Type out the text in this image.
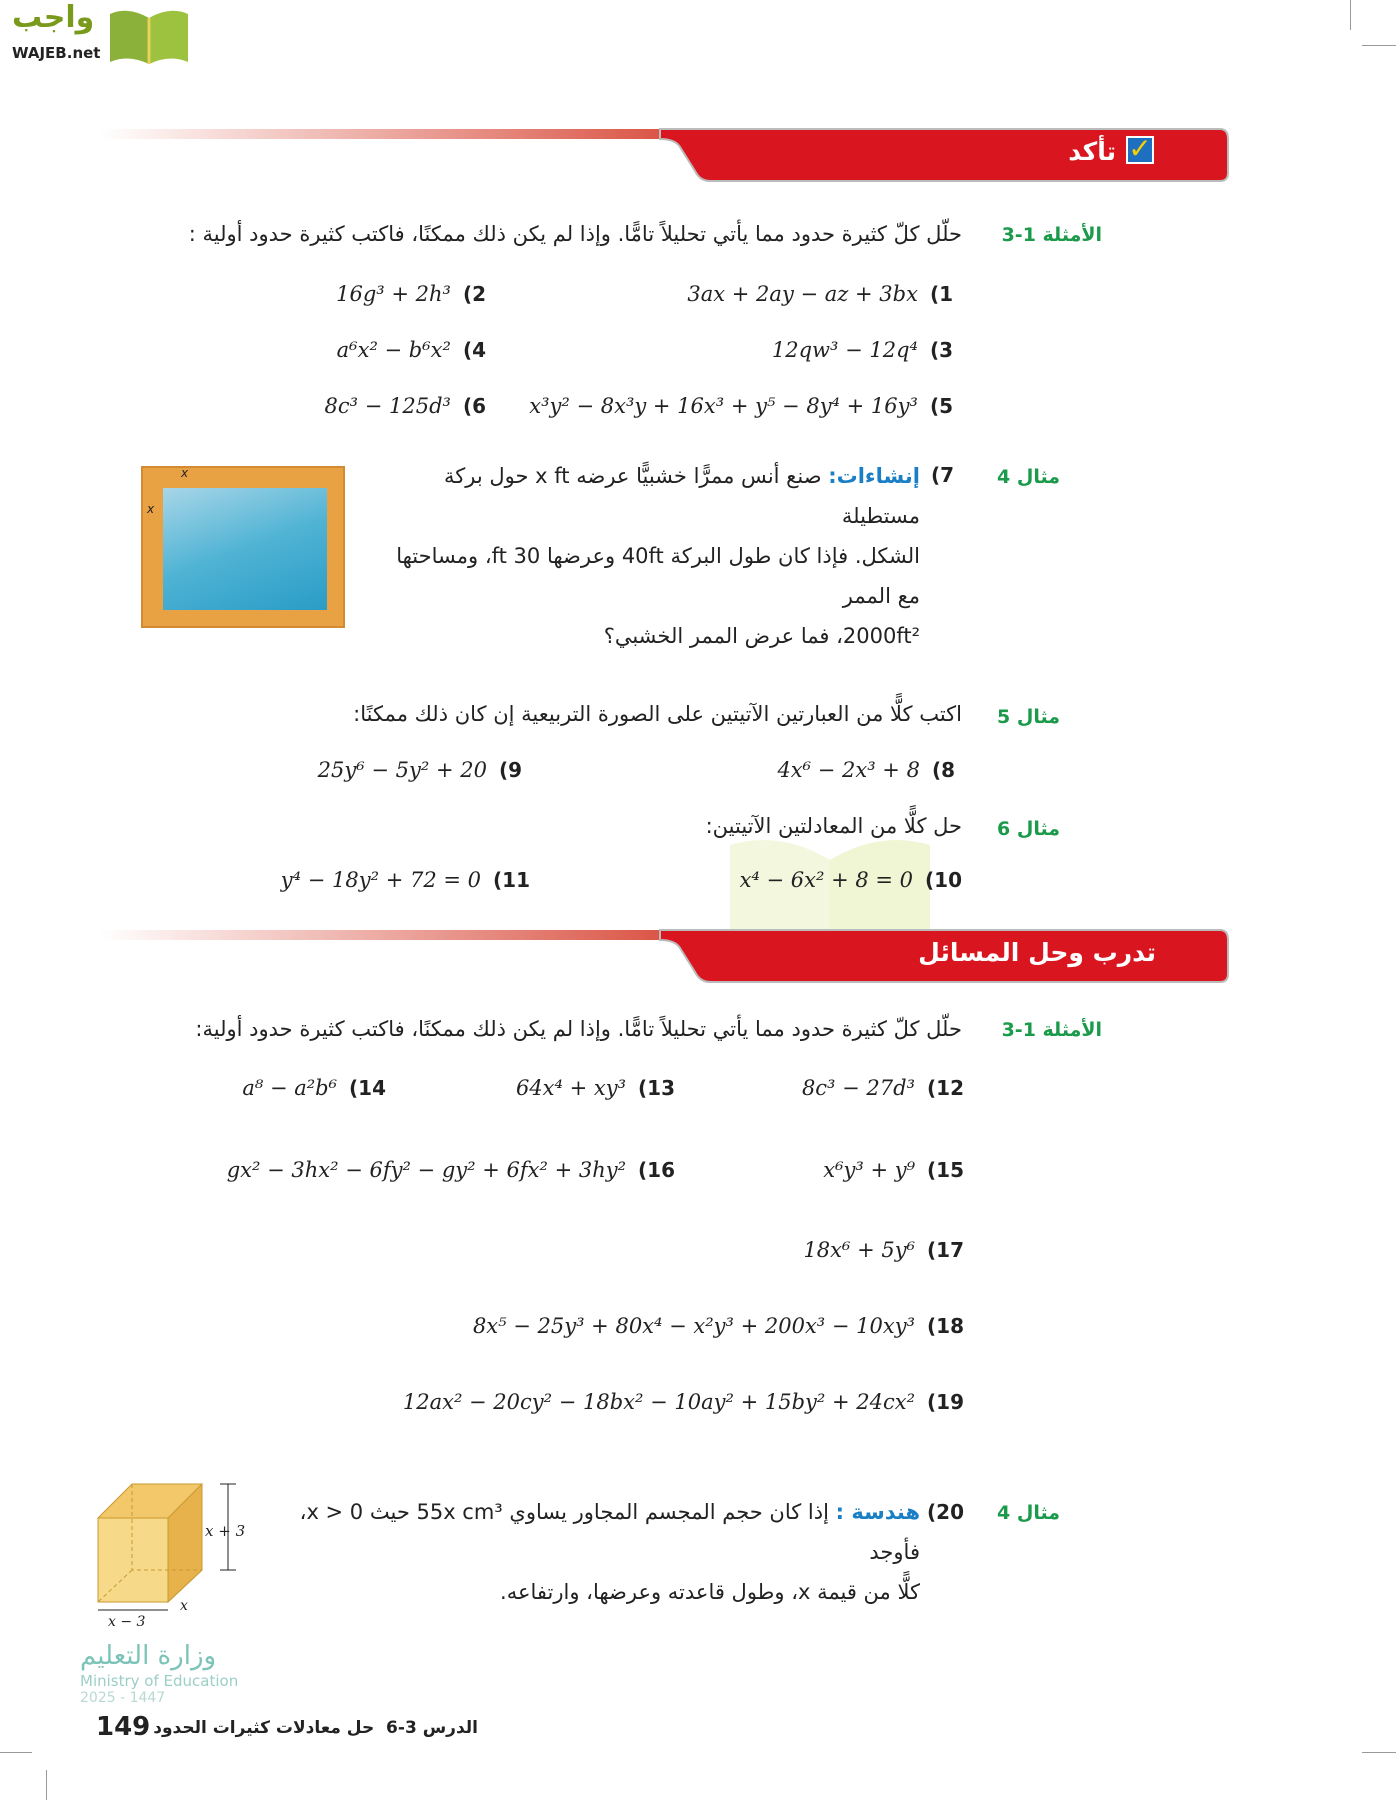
واجب
WAJEB.net
✓
تأكد
الأمثلة 1-3
حلّل كلّ كثيرة حدود مما يأتي تحليلاً تامًّا. وإذا لم يكن ذلك ممكنًا، فاكتب كثيرة حدود أولية :
(1
3ax + 2ay − az + 3bx
(2
16g³ + 2h³
(3
12qw³ − 12q⁴
(4
a⁶x² − b⁶x²
(5
x³y² − 8x³y + 16x³ + y⁵ − 8y⁴ + 16y³
(6
8c³ − 125d³
مثال 4
(7
إنشاءات: صنع أنس ممرًّا خشبيًّا عرضه x ft حول بركة مستطيلة
الشكل. فإذا كان طول البركة 40ft وعرضها 30 ft، ومساحتها مع الممر
2000ft²، فما عرض الممر الخشبي؟
x
x
مثال 5
اكتب كلًّا من العبارتين الآتيتين على الصورة التربيعية إن كان ذلك ممكنًا:
(8
4x⁶ − 2x³ + 8
(9
25y⁶ − 5y² + 20
مثال 6
حل كلًّا من المعادلتين الآتيتين:
(10
x⁴ − 6x² + 8 = 0
(11
y⁴ − 18y² + 72 = 0
تدرب وحل المسائل
الأمثلة 1-3
حلّل كلّ كثيرة حدود مما يأتي تحليلاً تامًّا. وإذا لم يكن ذلك ممكنًا، فاكتب كثيرة حدود أولية:
(12
8c³ − 27d³
(13
64x⁴ + xy³
(14
a⁸ − a²b⁶
(15
x⁶y³ + y⁹
(16
gx² − 3hx² − 6fy² − gy² + 6fx² + 3hy²
(17
18x⁶ + 5y⁶
(18
8x⁵ − 25y³ + 80x⁴ − x²y³ + 200x³ − 10xy³
(19
12ax² − 20cy² − 18bx² − 10ay² + 15by² + 24cx²
مثال 4
(20
هندسة : إذا كان حجم المجسم المجاور يساوي 55x cm³ حيث x > 0، فأوجد
كلًّا من قيمة x، وطول قاعدته وعرضها، وارتفاعه.
x + 3
x − 3
x
وزارة التعليم
Ministry of Education
2025 - 1447
149	الدرس 3-6  حل معادلات كثيرات الحدود
